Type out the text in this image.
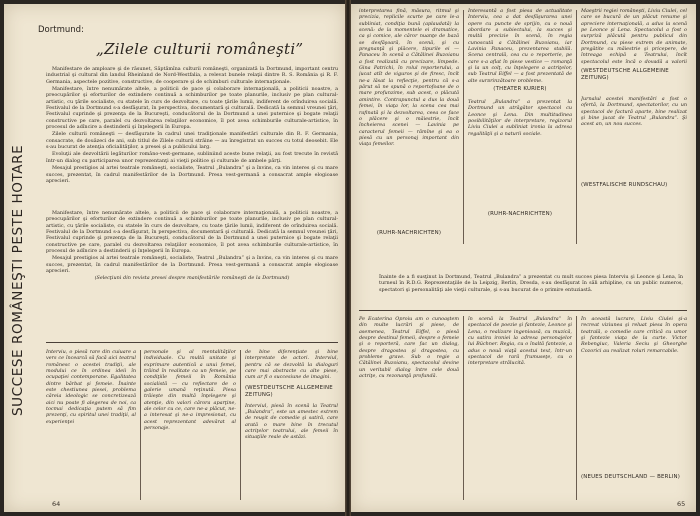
SUCCESE ROMÂNEŞTI PESTE HOTARE
Dortmund:
„Zilele culturii româneşti”

Manifestare de amploare şi de răsunet, Săptămîna culturii româneşti, organizată la Dortmund, important centru industrial şi cultural din landul Rheinland de Nord-Westfalia, a relevat bunele relaţii dintre R. S. România şi R. F. Germania, aspectele pozitive, constructive, de cooperare şi de schimburi culturale internaţionale.

Manifestare, între nenumărate altele, a politicii de pace şi colaborare internaţională, a politicii noastre, a preocupărilor şi eforturilor de extindere continuă a schimburilor pe toate planurile, inclusiv pe plan cultural-artistic, cu ţările socialiste, cu statele în curs de dezvoltare, cu toate ţările lumii, indiferent de orînduirea socială. Festivalul de la Dortmund s-a desfăşurat, în perspectiva, documentară şi culturală. Dedicată la semnul vreunei ţări, Festivalul cuprinde şi prezenţa de la Bucureşti, conducătorul de la Dortmund a unei puternice şi bogate relaţii constructive pe care, paralel cu dezvoltarea relaţiilor economice, îl pot avea schimburile culturale-artistice, în procesul de adîncire a destinderii şi înţelegerii în Europa.

Zilele culturii româneşti — desfăşurate în cadrul unei tradiţionale manifestări culturale din R. F. Germania, consacrate, de douăzeci de ani, sub titlul de Zilele culturii străine — au înregistrat un succes cu totul deosebit. Ele s-au bucurat de atenţia oficialităţilor, a presei şi a publicului larg.

Evoluţii ale dezvoltării legăturilor româno-vest-germane, subliniind aceste bune relaţii, au fost trecute în revistă într-un dialog cu participarea unor reprezentanţi ai vieţii politice şi culturale de ambele părţi.

Mesajul prestigios al artei teatrale româneşti, socialiste, Teatrul „Bulandra” şi a învins, ca vin interes şi cu mare succes, prezentat, în cadrul manifestărilor de la Dortmund. Presa vest-germană a consacrat ample elogioase aprecieri.

Manifestare, între nenumărate altele, a politicii de pace şi colaborare internaţională, a politicii noastre, a preocupărilor şi eforturilor de extindere continuă a schimburilor pe toate planurile, inclusiv pe plan cultural-artistic, cu ţările socialiste, cu statele în curs de dezvoltare, cu toate ţările lumii, indiferent de orînduirea socială. Festivalul de la Dortmund s-a desfăşurat, în perspectiva, documentară şi culturală. Dedicată la semnul vreunei ţări, Festivalul cuprinde şi prezenţa de la Bucureşti, conducătorul de la Dortmund a unei puternice şi bogate relaţii constructive pe care, paralel cu dezvoltarea relaţiilor economice, îl pot avea schimburile culturale-artistice, în procesul de adîncire a destinderii şi înţelegerii în Europa.

Mesajul prestigios al artei teatrale româneşti, socialiste, Teatrul „Bulandra” şi a învins, ca vin interes şi cu mare succes, prezentat, în cadrul manifestărilor de la Dortmund. Presa vest-germană a consacrat ample elogioase aprecieri.

(Selecţiuni din revista presei despre manifestările româneşti de la Dortmund)

Interviu, o piesă rare din cuiuare a vers ce încearcă să facă aici teatrul românesc o acestei tradiţii, ale modului ce în ordinea ideii în ocupaţiei contemporane. Egalitatea dintre bărbat şi femeie. Înainte este chestiunea piesei, problema căreia ideologic se concretizează aici nu poate fi alegerea de noi, ca tocmai dedicaţia putem să fim prezenţi, cu spiritul unei tradiţii, al experienţei
personale şi al mentalităţilor individuale. Cu multă unitate şi exprimare autentică a unui femei, trăind în realitate ca un femeie, pe condiţiile femeii în România socialistă — cu reflectare de o galerie umană reţinută. Piesa trăieşte din multă înţelegere şi atenţie, din valori cărora aparţine, ale celor cu ce, care ne-a plăcut, ne-a interesat şi ne-a impresionat, cu acest reprezentant adevărat al personaje.
de bine diferenţiate şi bine interpretate de actori. Interviul, pentru că se dezvoltă la dialoguri care mai abstracte cu alte piese, cum ar fi o succesiune de imagini.
(WESTDEUTSCHE ALLGEMEINE ZEITUNG)
Interviul, piesă în scenă la Teatrul „Bulandra”, este un amestec extrem de reuşit de comedie şi satiră, care arată o mare bine în trecutul actriţelor teatrului, ale femeii în situaţiile reale de astăzi.
64
interpretarea fină, măsura, ritmul şi precizia, replicile scurte pe care le-a subliniat, condiţia bună (aplaudată) la scenă: de la momentele ei dramatice, ca şi comice, ale căror nuanţe de bază se desfăşoară, în scenă, şi cu pregnanţă şi plăcere, tipurile ei — Panaceu în scenă a Cătălinei Buzoianu a fost realizată cu precizare, limpede. Gina Patrichi, în rolul reporterului, a jucat atît de viguros şi de firesc, încît ne-a lăsat la reflecţie, pentru că s-a părut să ne spună o reportofoane de o mare profunzime, sub acest, o plăcută amintire. Contrapunctul a dus la două femei, în viaţa lor, la scena cea mai rafinată şi la dezvoltarea, ceea ce face o plăcere şi o măiestrie, încît încheierea scenei — Lavinia pe caracterul femeii — rămîne şi ea o piesă cu un personaj important din viaţa femeilor.
(RUHR-NACHRICHTEN)
Interesantă a fost piesa de actualitate Interviu, cea a dat desfăşurarea unei opere cu puncte de sprijin, cu o nouă abordare a subiectului, la succes şi multă precizie în scenă, în regia cunoscută a Cătălinei Buzoianu, iar Lavinia Panaceu, prezentarea stabilă. Scena centrală, cea cu o reporterie, pe care s-a aflat în piese vestice — romanţă şi la un colţ, cu înţelegere a actriţelor, sub Teatrul Eiffel — a fost prezentată de alte surprinzătoare probleme.
(THEATER KURIER)
Teatrul „Bulandra” a prezentat la Dortmund un atrăgător spectacol cu Leonce şi Lena. Din multitudinea posibilităţilor de interpretare, regizorul Liviu Ciulei a subliniat ironia la adresa regalităţii şi a naturii sociale.
(RUHR-NACHRICHTEN)
Maeştrii regiei româneşti, Liviu Ciulei, cel care se bucură de un plăcut renume şi apreciere internaţională, a adus la scenă pe Leonce şi Lena. Spectacolul a fost o surpriză plăcută pentru publicul din Dortmund, cu piese extrem de animate, pregătite cu măiestrie şi pricepere, de întreaga echipă a Teatrului, încît spectacolul este încă o dovadă a valorii
(WESTDEUTSCHE ALLGEMEINE ZEITUNG)
Jurnalul acestei manifestări a fost o ofertă, la Dortmund, spectatorilor, cu un spectacol de factură aparte, bine realizat şi bine jucat de Teatrul „Bulandra”. Şi acest an, un nou succes.
(WESTFALISCHE RUNDSCHAU)
Înainte de a fi susţinut la Dortmund, Teatrul „Bulandra” a prezentat cu mult succes piesa Interviu şi Leonce şi Lena, în turneul în R.D.G. Reprezentaţiile de la Leipzig, Berlin, Dresda, s-au desfăşurat în săli arhipline, cu un public numeros, spectatori şi personalităţi ale vieţii culturale, şi s-au bucurat de o primire entuziastă.
Pe Ecaterina Oproiu am o cunoaştem din multe lucrări şi piese, de asemenea, Teatrul Eiffel, o piesă despre destinul femeii, despre o femeie şi o reporteră, care fac un dialog, despre dragostea şi dragostea, cu probleme grave. Sub o regie a Cătălinei Buzoianu, spectacolul devine un veritabil dialog între cele două actriţe, cu rezonanţă profundă.
în scenă la Teatrul „Bulandra” în spectacol de poezie şi fantezie, Leonce şi Lena, o realizare ingenioasă, cu muzică, cu satira ironiei la adresa personajelor lui Büchner. Regia, cu o înaltă fantezie, a adus o nouă viaţă acestui text, într-un spectacol de rară frumuseţe, cu o interpretare strălucită.
În această lucrare, Liviu Ciulei şi-a recreat viziunea şi reluat piesa în opera teatrală, o comedie care critică cu umor şi fantezie viaţa de la curte. Victor Rebengiuc, Valeria Seciu şi Gheorghe Cozorici au realizat roluri remarcabile.
(NEUES DEUTSCHLAND — BERLIN)
65
